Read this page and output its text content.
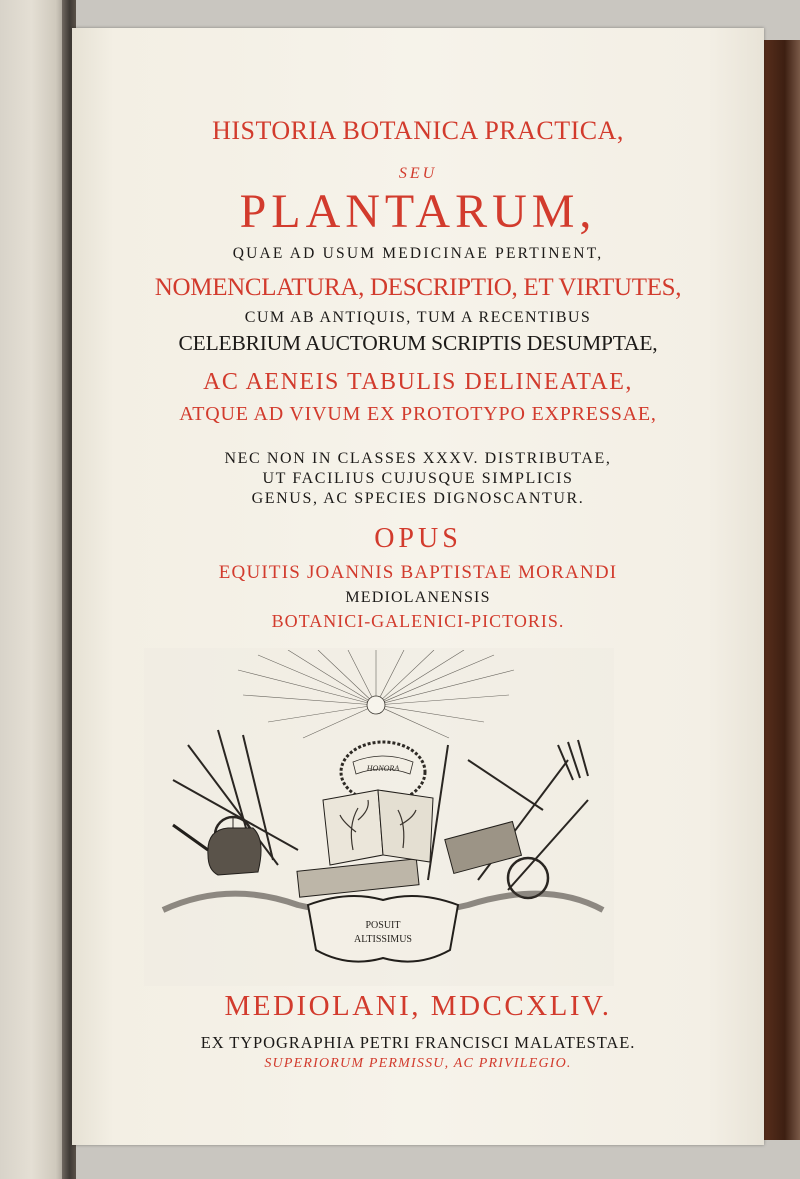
HISTORIA BOTANICA PRACTICA,

SEU

PLANTARUM,

QUAE AD USUM MEDICINAE PERTINENT,

NOMENCLATURA, DESCRIPTIO, ET VIRTUTES,

CUM AB ANTIQUIS, TUM A RECENTIBUS

CELEBRIUM AUCTORUM SCRIPTIS DESUMPTAE,

AC AENEIS TABULIS DELINEATAE,

ATQUE AD VIVUM EX PROTOTYPO EXPRESSAE,

NEC NON IN CLASSES XXXV. DISTRIBUTAE,

UT FACILIUS CUJUSQUE SIMPLICIS

GENUS, AC SPECIES DIGNOSCANTUR.

OPUS

EQUITIS JOANNIS BAPTISTAE MORANDI

MEDIOLANENSIS

BOTANICI-GALENICI-PICTORIS.

HONORA
POSUIT
ALTISSIMUS

MEDIOLANI, MDCCXLIV.

EX TYPOGRAPHIA PETRI FRANCISCI MALATESTAE.

SUPERIORUM PERMISSU, AC PRIVILEGIO.
